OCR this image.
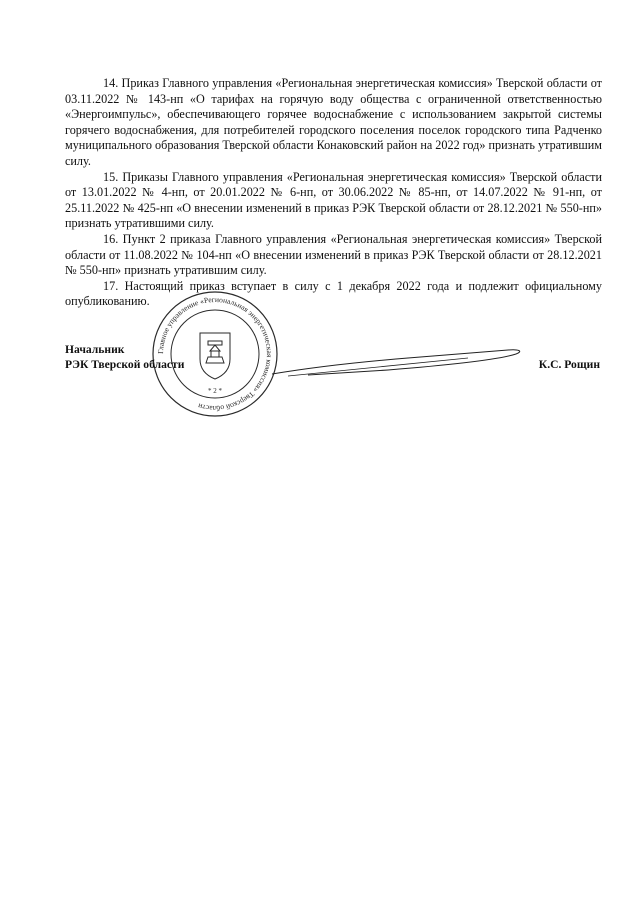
14. Приказ Главного управления «Региональная энергетическая комиссия» Тверской области от 03.11.2022 № 143-нп «О тарифах на горячую воду общества с ограниченной ответственностью «Энергоимпульс», обеспечивающего горячее водоснабжение с использованием закрытой системы горячего водоснабжения, для потребителей городского поселения поселок городского типа Радченко муниципального образования Тверской области Конаковский район на 2022 год» признать утратившим силу.

15. Приказы Главного управления «Региональная энергетическая комиссия» Тверской области от 13.01.2022 № 4-нп, от 20.01.2022 № 6-нп, от 30.06.2022 № 85-нп, от 14.07.2022 № 91-нп, от 25.11.2022 № 425-нп «О внесении изменений в приказ РЭК Тверской области от 28.12.2021 № 550-нп» признать утратившими силу.

16. Пункт 2 приказа Главного управления «Региональная энергетическая комиссия» Тверской области от 11.08.2022 № 104-нп «О внесении изменений в приказ РЭК Тверской области от 28.12.2021 № 550-нп» признать утратившим силу.

17. Настоящий приказ вступает в силу с 1 декабря 2022 года и подлежит официальному опубликованию.

Главное управление «Региональная энергетическая комиссия» Тверской области
* 2 *
Начальник
РЭК Тверской области	К.С. Рощин
